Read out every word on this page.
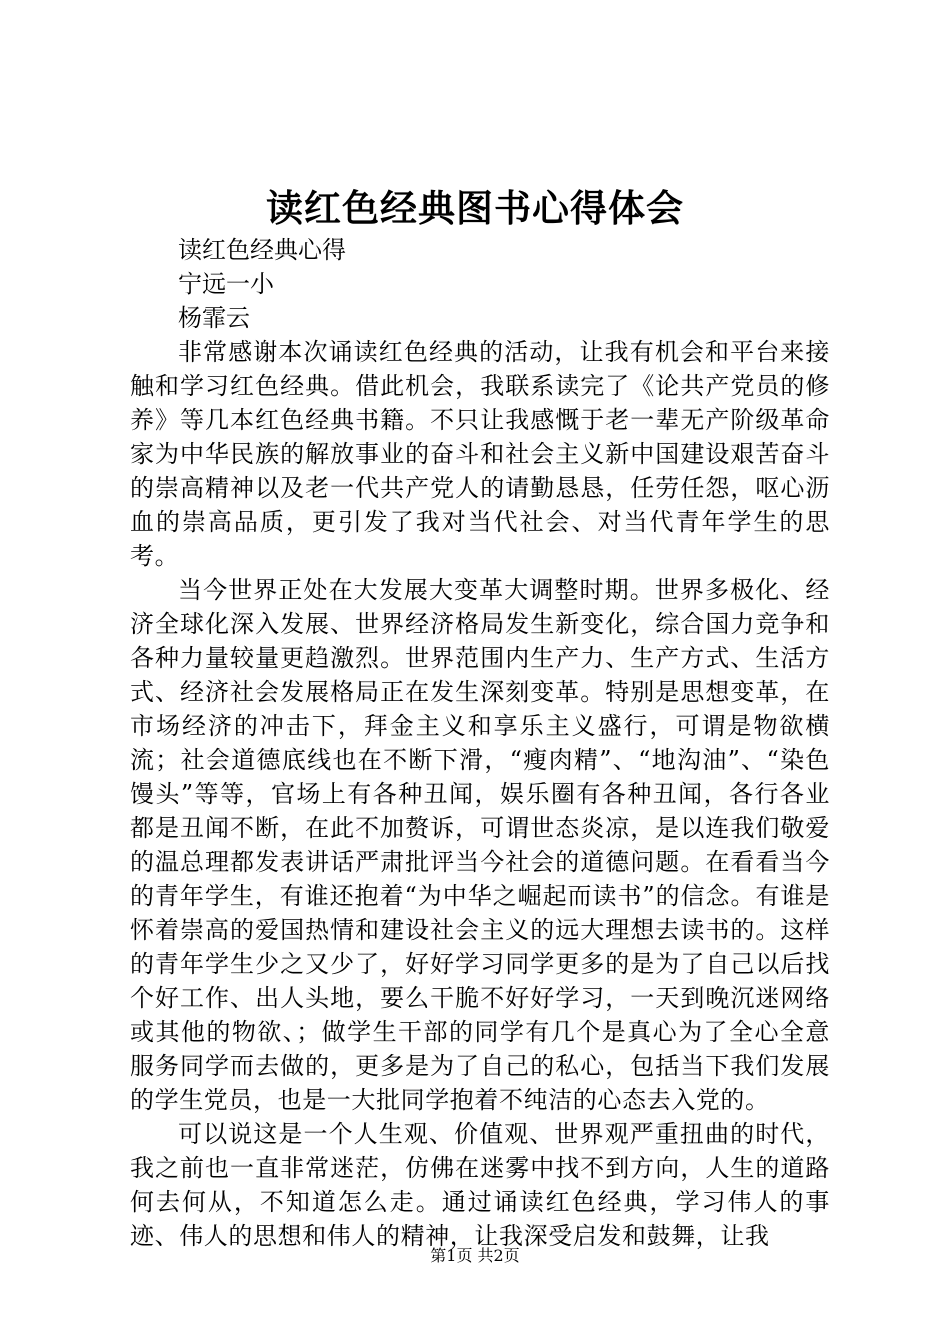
读红色经典图书心得体会

读红色经典心得

宁远一小

杨霏云

非常感谢本次诵读红色经典的活动，让我有机会和平台来接触和学习红色经典。借此机会，我联系读完了《论共产党员的修养》等几本红色经典书籍。不只让我感慨于老一辈无产阶级革命家为中华民族的解放事业的奋斗和社会主义新中国建设艰苦奋斗的崇高精神以及老一代共产党人的请勤恳恳，任劳任怨，呕心沥血的崇高品质，更引发了我对当代社会、对当代青年学生的思考。

当今世界正处在大发展大变革大调整时期。世界多极化、经济全球化深入发展、世界经济格局发生新变化，综合国力竞争和各种力量较量更趋激烈。世界范围内生产力、生产方式、生活方式、经济社会发展格局正在发生深刻变革。特别是思想变革，在市场经济的冲击下，拜金主义和享乐主义盛行，可谓是物欲横流；社会道德底线也在不断下滑，“瘦肉精”、“地沟油”、“染色馒头”等等，官场上有各种丑闻，娱乐圈有各种丑闻，各行各业都是丑闻不断，在此不加赘诉，可谓世态炎凉，是以连我们敬爱的温总理都发表讲话严肃批评当今社会的道德问题。在看看当今的青年学生，有谁还抱着“为中华之崛起而读书”的信念。有谁是怀着崇高的爱国热情和建设社会主义的远大理想去读书的。这样的青年学生少之又少了，好好学习同学更多的是为了自己以后找个好工作、出人头地，要么干脆不好好学习，一天到晚沉迷网络或其他的物欲、；做学生干部的同学有几个是真心为了全心全意服务同学而去做的，更多是为了自己的私心，包括当下我们发展的学生党员，也是一大批同学抱着不纯洁的心态去入党的。

可以说这是一个人生观、价值观、世界观严重扭曲的时代，我之前也一直非常迷茫，仿佛在迷雾中找不到方向，人生的道路何去何从，不知道怎么走。通过诵读红色经典，学习伟人的事迹、伟人的思想和伟人的精神，让我深受启发和鼓舞，让我

第1页 共2页
